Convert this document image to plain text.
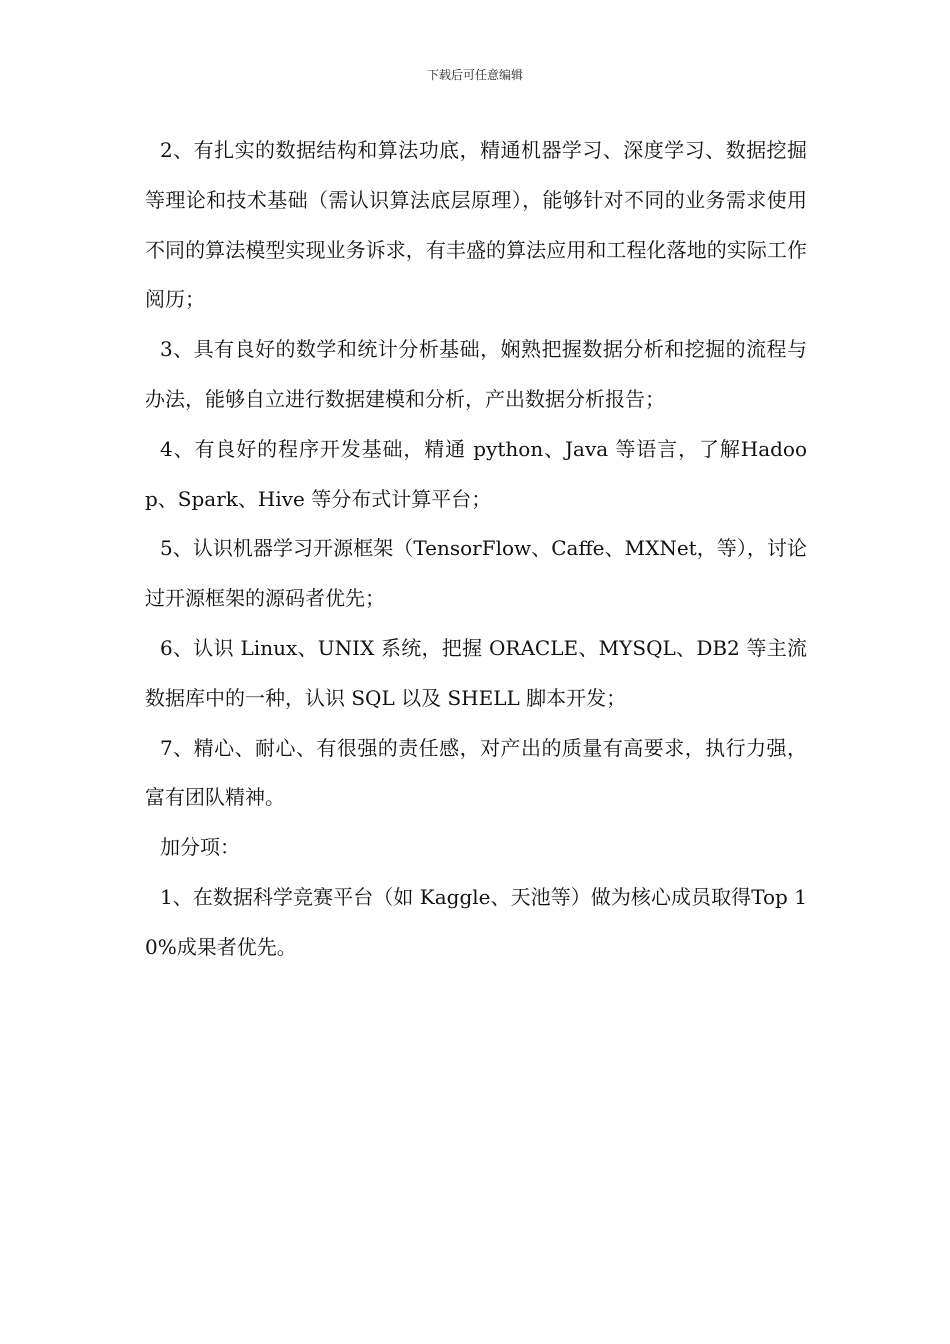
下载后可任意编辑

2、有扎实的数据结构和算法功底，精通机器学习、深度学习、数据挖掘等理论和技术基础（需认识算法底层原理），能够针对不同的业务需求使用不同的算法模型实现业务诉求，有丰盛的算法应用和工程化落地的实际工作阅历；

3、具有良好的数学和统计分析基础，娴熟把握数据分析和挖掘的流程与办法，能够自立进行数据建模和分析，产出数据分析报告；

4、有良好的程序开发基础，精通 python、Java 等语言，了解Hadoop、Spark、Hive 等分布式计算平台；

5、认识机器学习开源框架（TensorFlow、Caffe、MXNet，等），讨论过开源框架的源码者优先；

6、认识 Linux、UNIX 系统，把握 ORACLE、MYSQL、DB2 等主流数据库中的一种，认识 SQL 以及 SHELL 脚本开发；

7、精心、耐心、有很强的责任感，对产出的质量有高要求，执行力强，富有团队精神。

加分项：

1、在数据科学竞赛平台（如 Kaggle、天池等）做为核心成员取得Top 10%成果者优先。
